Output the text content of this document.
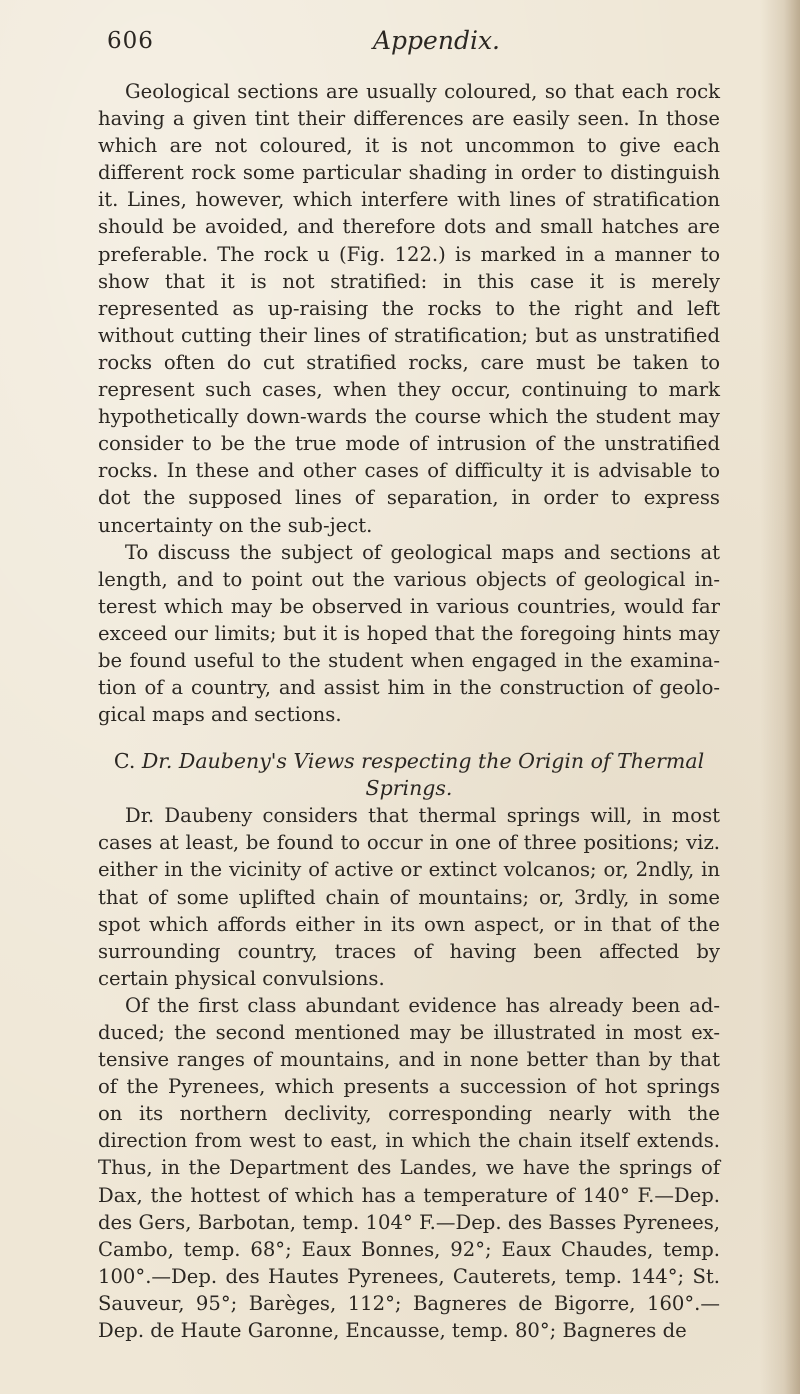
606	Appendix.

Geological sections are usually coloured, so that each rock having a given tint their differences are easily seen. In those which are not coloured, it is not uncommon to give each different rock some particular shading in order to distinguish it. Lines, however, which interfere with lines of stratification should be avoided, and therefore dots and small hatches are preferable. The rock u (Fig. 122.) is marked in a manner to show that it is not stratified: in this case it is merely represented as up-raising the rocks to the right and left without cutting their lines of stratification; but as unstratified rocks often do cut stratified rocks, care must be taken to represent such cases, when they occur, continuing to mark hypothetically down-wards the course which the student may consider to be the true mode of intrusion of the unstratified rocks. In these and other cases of difficulty it is advisable to dot the supposed lines of separation, in order to express uncertainty on the sub-ject.

To discuss the subject of geological maps and sections at length, and to point out the various objects of geological in-terest which may be observed in various countries, would far exceed our limits; but it is hoped that the foregoing hints may be found useful to the student when engaged in the examina-tion of a country, and assist him in the construction of geolo-gical maps and sections.

C. Dr. Daubeny's Views respecting the Origin of Thermal Springs.

Dr. Daubeny considers that thermal springs will, in most cases at least, be found to occur in one of three positions; viz. either in the vicinity of active or extinct volcanos; or, 2ndly, in that of some uplifted chain of mountains; or, 3rdly, in some spot which affords either in its own aspect, or in that of the surrounding country, traces of having been affected by certain physical convulsions.

Of the first class abundant evidence has already been ad-duced; the second mentioned may be illustrated in most ex-tensive ranges of mountains, and in none better than by that of the Pyrenees, which presents a succession of hot springs on its northern declivity, corresponding nearly with the direction from west to east, in which the chain itself extends. Thus, in the Department des Landes, we have the springs of Dax, the hottest of which has a temperature of 140° F.—Dep. des Gers, Barbotan, temp. 104° F.—Dep. des Basses Pyrenees, Cambo, temp. 68°; Eaux Bonnes, 92°; Eaux Chaudes, temp. 100°.—Dep. des Hautes Pyrenees, Cauterets, temp. 144°; St. Sauveur, 95°; Barèges, 112°; Bagneres de Bigorre, 160°.— Dep. de Haute Garonne, Encausse, temp. 80°; Bagneres de
